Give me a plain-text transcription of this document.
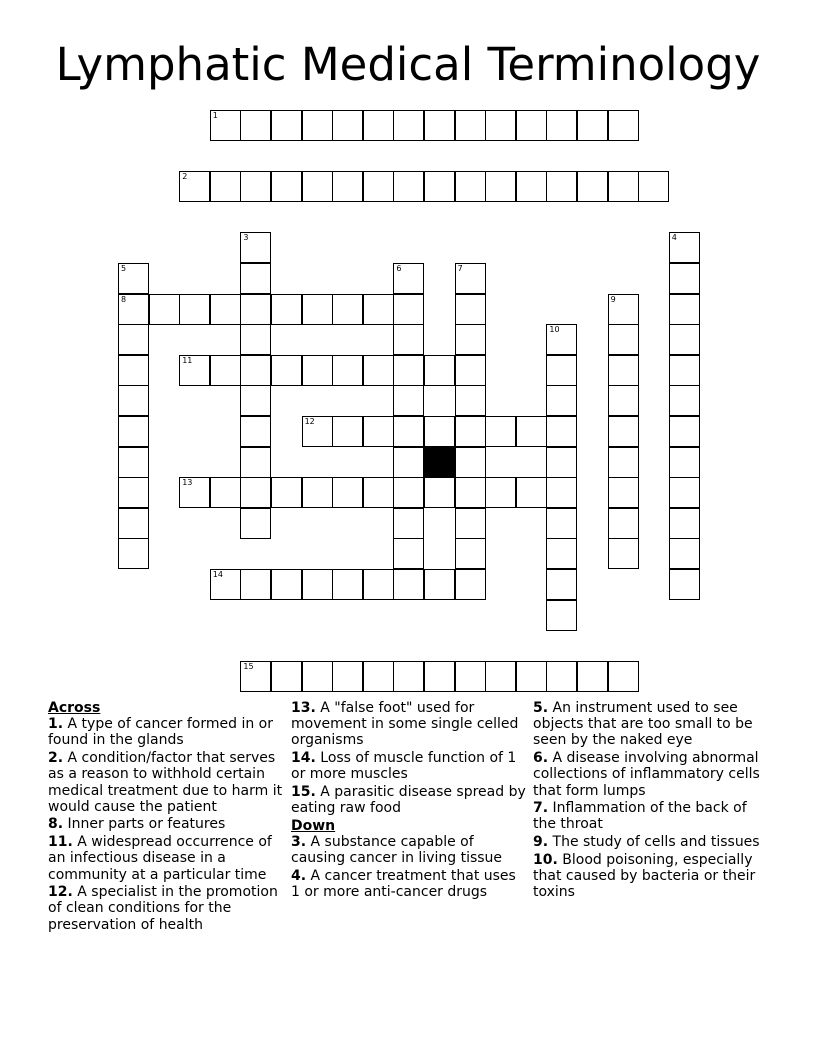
Lymphatic Medical Terminology
1
2
8
11
12
13
14
15
3	4
5	6	7
9
10
Across
1. A type of cancer formed in or found in the glands
2. A condition/factor that serves as a reason to withhold certain medical treatment due to harm it would cause the patient
8. Inner parts or features
11. A widespread occurrence of an infectious disease in a community at a particular time
12. A specialist in the promotion of clean conditions for the preservation of health
13. A "false foot" used for movement in some single celled organisms
14. Loss of muscle function of 1 or more muscles
15. A parasitic disease spread by eating raw food
Down
3. A substance capable of causing cancer in living tissue
4. A cancer treatment that uses 1 or more anti-cancer drugs
5. An instrument used to see objects that are too small to be seen by the naked eye
6. A disease involving abnormal collections of inflammatory cells that form lumps
7. Inflammation of the back of the throat
9. The study of cells and tissues
10. Blood poisoning, especially that caused by bacteria or their toxins
